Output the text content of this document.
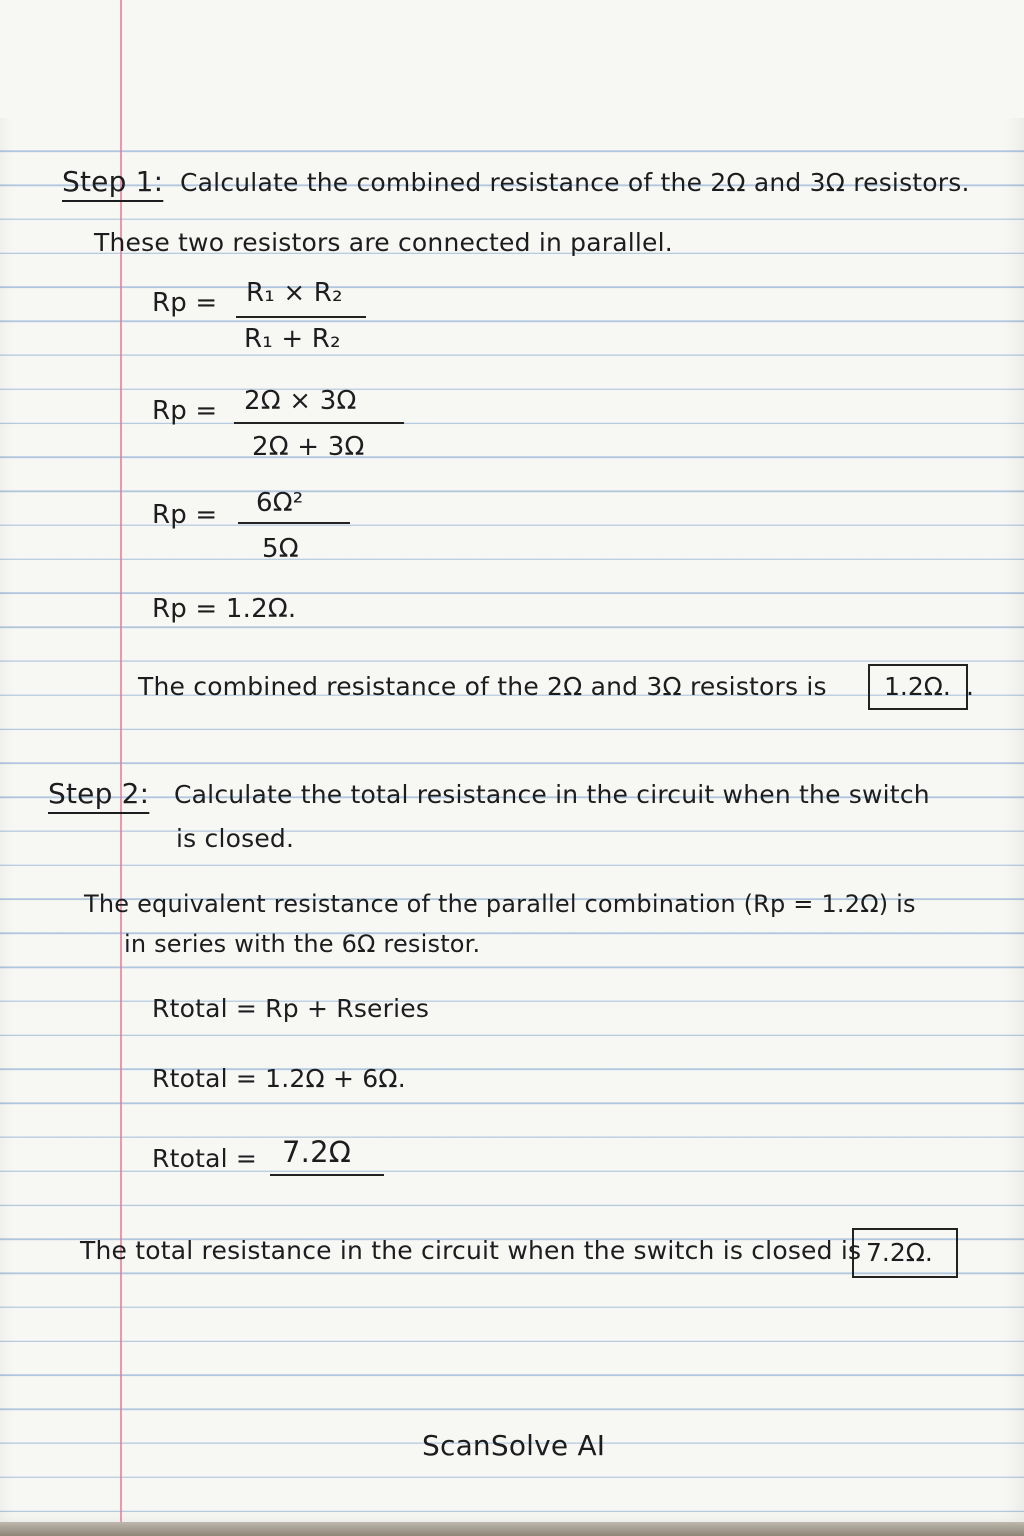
Step 1: Calculate the combined resistance of the 2Ω and 3Ω resistors.
These two resistors are connected in parallel.
Rp = R₁ × R₂
R₁ + R₂
Rp = 2Ω × 3Ω
2Ω + 3Ω
Rp = 6Ω²
5Ω
Rp = 1.2Ω.
The combined resistance of the 2Ω and 3Ω resistors is 1.2Ω. .
Step 2: Calculate the total resistance in the circuit when the switch
is closed.
The equivalent resistance of the parallel combination (Rp = 1.2Ω) is
in series with the 6Ω resistor.
Rtotal = Rp + Rseries
Rtotal = 1.2Ω + 6Ω.
Rtotal = 7.2Ω
The total resistance in the circuit when the switch is closed is 7.2Ω.
ScanSolve AI
